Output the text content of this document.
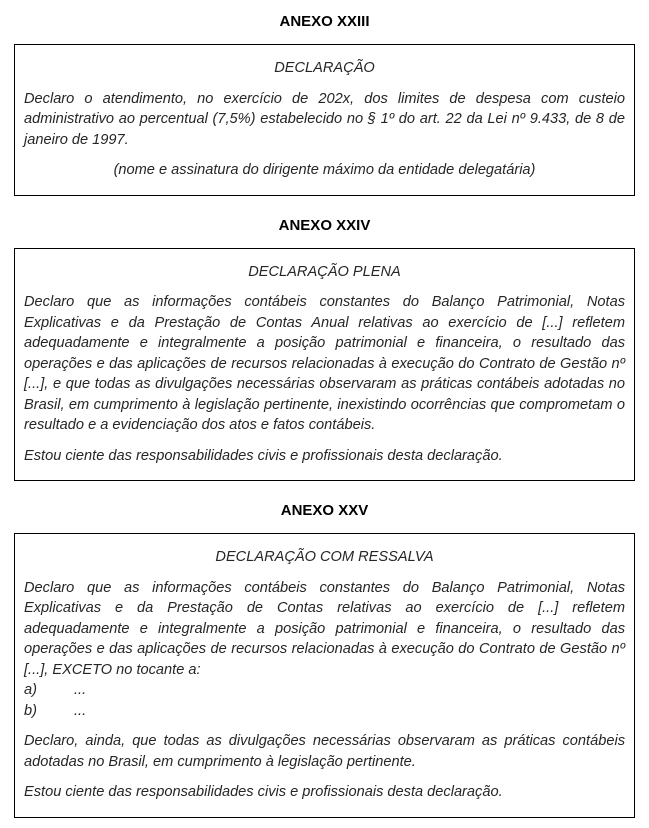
ANEXO XXIII

DECLARAÇÃO

Declaro o atendimento, no exercício de 202x, dos limites de despesa com custeio administrativo ao percentual (7,5%) estabelecido no § 1º do art. 22 da Lei nº 9.433, de 8 de janeiro de 1997.

(nome e assinatura do dirigente máximo da entidade delegatária)

ANEXO XXIV

DECLARAÇÃO PLENA

Declaro que as informações contábeis constantes do Balanço Patrimonial, Notas Explicativas e da Prestação de Contas Anual relativas ao exercício de [...] refletem adequadamente e integralmente a posição patrimonial e financeira, o resultado das operações e das aplicações de recursos relacionadas à execução do Contrato de Gestão nº [...], e que todas as divulgações necessárias observaram as práticas contábeis adotadas no Brasil, em cumprimento à legislação pertinente, inexistindo ocorrências que comprometam o resultado e a evidenciação dos atos e fatos contábeis.

Estou ciente das responsabilidades civis e profissionais desta declaração.

ANEXO XXV

DECLARAÇÃO COM RESSALVA

Declaro que as informações contábeis constantes do Balanço Patrimonial, Notas Explicativas e da Prestação de Contas relativas ao exercício de [...] refletem adequadamente e integralmente a posição patrimonial e financeira, o resultado das operações e das aplicações de recursos relacionadas à execução do Contrato de Gestão nº [...], EXCETO no tocante a:

a)	...
b)	...

Declaro, ainda, que todas as divulgações necessárias observaram as práticas contábeis adotadas no Brasil, em cumprimento à legislação pertinente.

Estou ciente das responsabilidades civis e profissionais desta declaração.
